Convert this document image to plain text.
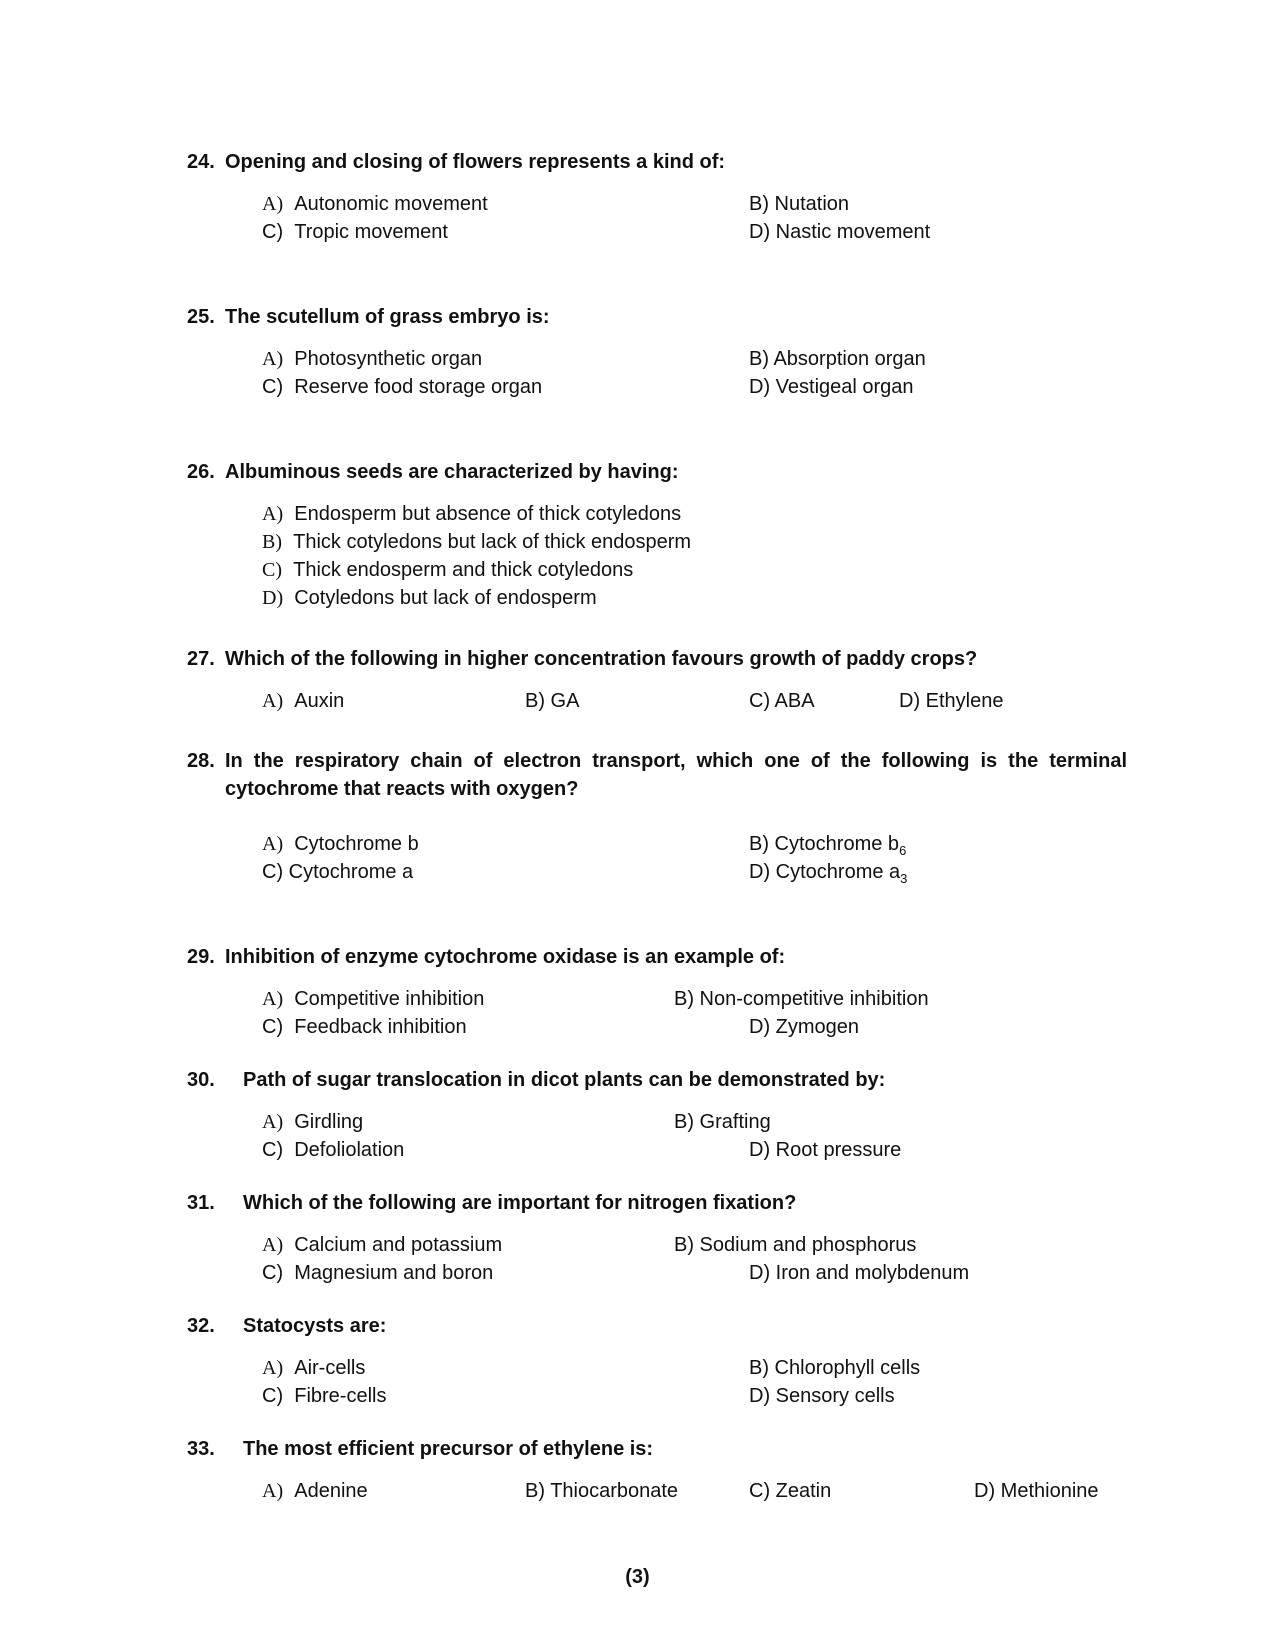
24. Opening and closing of flowers represents a kind of:
A) Autonomic movement	B) Nutation
C) Tropic movement	D) Nastic movement
25. The scutellum of grass embryo is:
A) Photosynthetic organ	B) Absorption organ
C) Reserve food storage organ	D) Vestigeal organ
26. Albuminous seeds are characterized by having:
A) Endosperm but absence of thick cotyledons
B) Thick cotyledons but lack of thick endosperm
C) Thick endosperm and thick cotyledons
D) Cotyledons but lack of endosperm
27. Which of the following in higher concentration favours growth of paddy crops?
A) Auxin	B) GA	C) ABA	D) Ethylene
28. In the respiratory chain of electron transport, which one of the following is the terminal cytochrome that reacts with oxygen?
A) Cytochrome b	B) Cytochrome $b_6$
C) Cytochrome a	D) Cytochrome $a_3$
29. Inhibition of enzyme cytochrome oxidase is an example of:
A) Competitive inhibition	B) Non-competitive inhibition
C) Feedback inhibition	D) Zymogen
30. Path of sugar translocation in dicot plants can be demonstrated by:
A) Girdling	B) Grafting
C) Defoliolation	D) Root pressure
31. Which of the following are important for nitrogen fixation?
A) Calcium and potassium	B) Sodium and phosphorus
C) Magnesium and boron	D) Iron and molybdenum
32. Statocysts are:
A) Air-cells	B) Chlorophyll cells
C) Fibre-cells	D) Sensory cells
33. The most efficient precursor of ethylene is:
A) Adenine	B) Thiocarbonate	C) Zeatin	D) Methionine
(3)
